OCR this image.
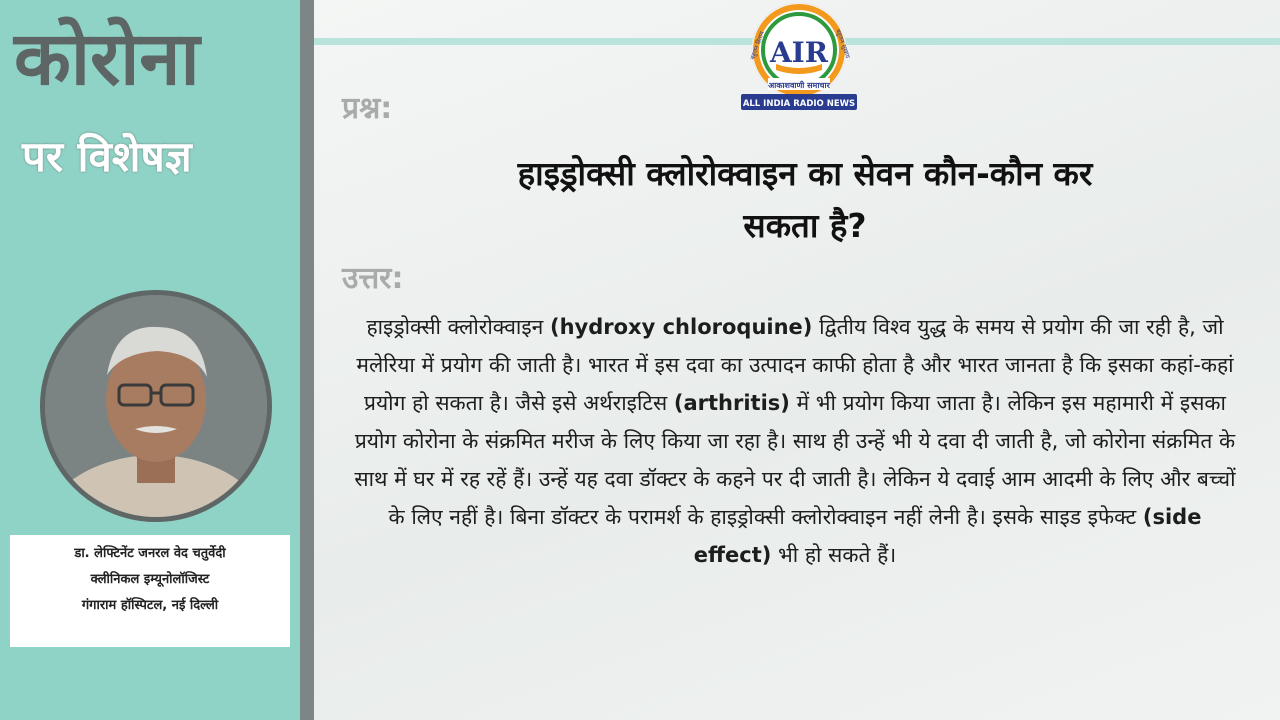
कोरोना
पर विशेषज्ञ
डा. लेफ्टिनेंट जनरल वेद चतुर्वेदी
क्लीनिकल इम्यूनोलॉजिस्ट
गंगाराम हॉस्पिटल, नई दिल्ली
बहुजन हिताय	बहुजन सुखाय
AIR
आकाशवाणी समाचार
ALL INDIA RADIO NEWS
प्रश्न:
हाइड्रोक्सी क्लोरोक्वाइन का सेवन कौन-कौन कर
सकता है?
उत्तर:

हाइड्रोक्सी क्लोरोक्वाइन (hydroxy chloroquine) द्वितीय विश्व युद्ध के समय से प्रयोग की जा रही है, जो मलेरिया में प्रयोग की जाती है। भारत में इस दवा का उत्पादन काफी होता है और भारत जानता है कि इसका कहां-कहां प्रयोग हो सकता है। जैसे इसे अर्थराइटिस (arthritis) में भी प्रयोग किया जाता है। लेकिन इस महामारी में इसका प्रयोग कोरोना के संक्रमित मरीज के लिए किया जा रहा है। साथ ही उन्हें भी ये दवा दी जाती है, जो कोरोना संक्रमित के साथ में घर में रह रहें हैं। उन्हें यह दवा डॉक्टर के कहने पर दी जाती है। लेकिन ये दवाई आम आदमी के लिए और बच्चों के लिए नहीं है। बिना डॉक्टर के परामर्श के हाइड्रोक्सी क्लोरोक्वाइन नहीं लेनी है। इसके साइड इफेक्ट (side effect) भी हो सकते हैं।
